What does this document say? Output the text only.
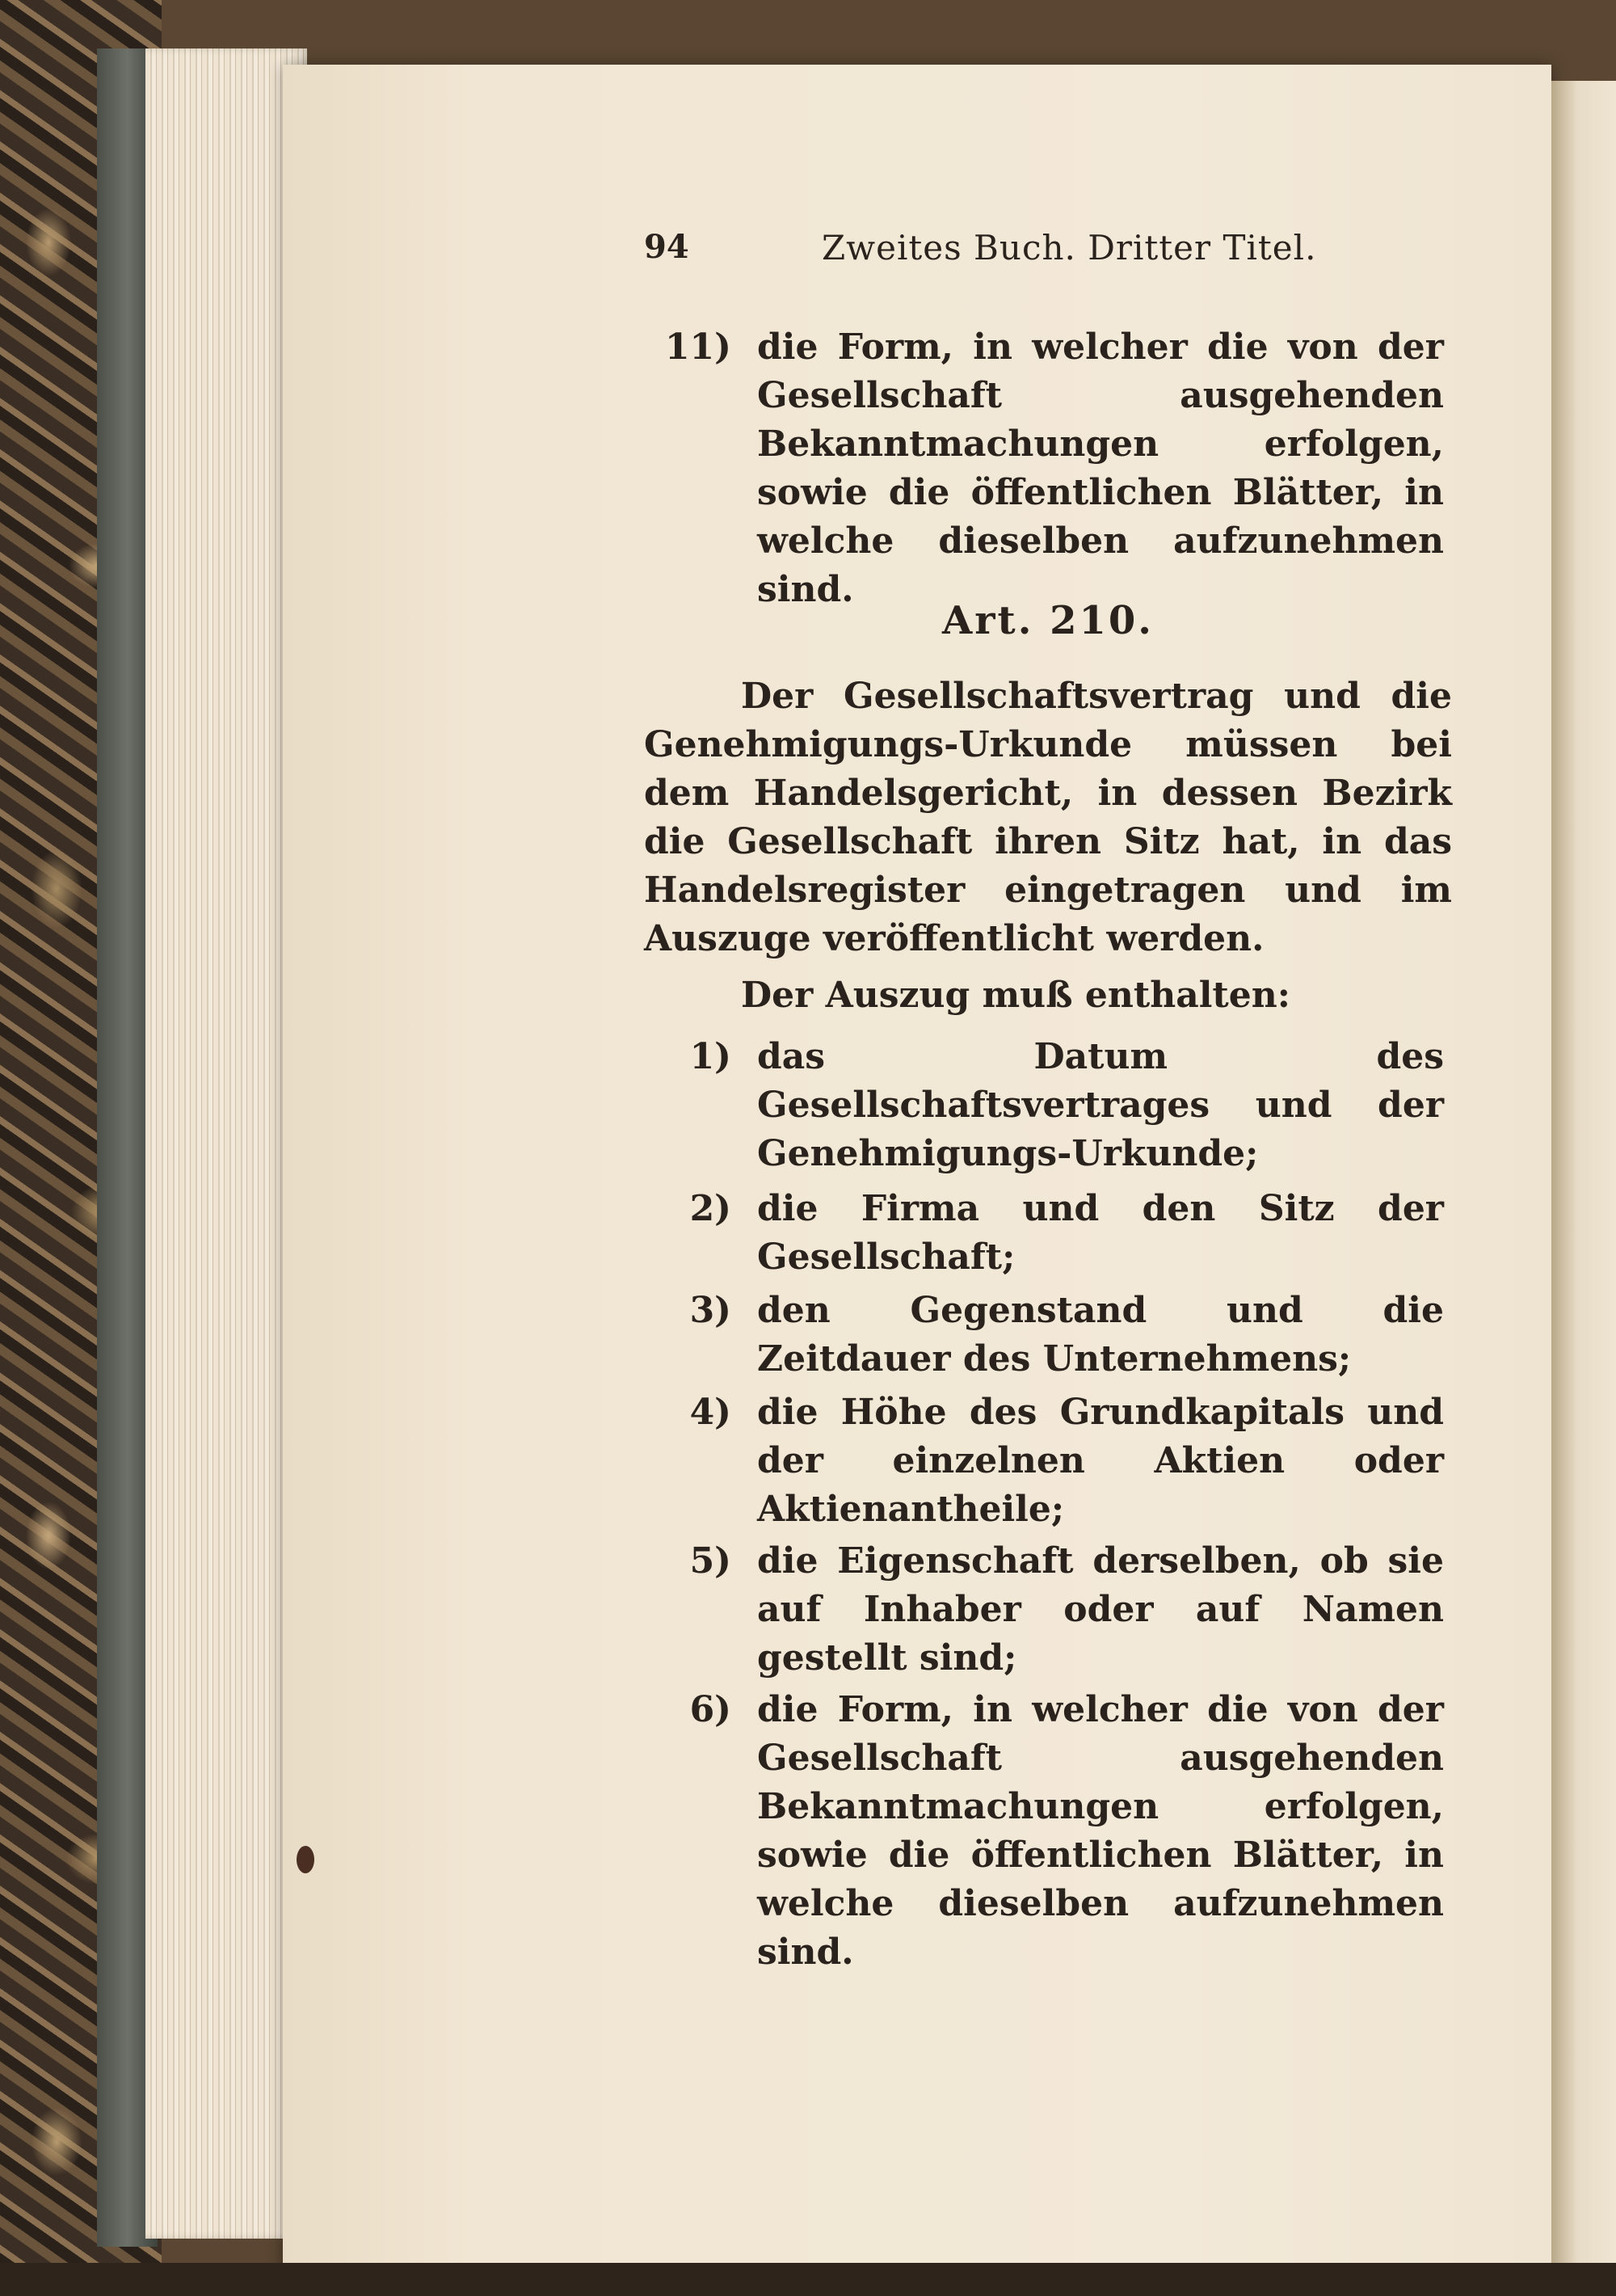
94	Zweites Buch. Dritter Titel.
11) die Form, in welcher die von der Gesellschaft ausgehenden Bekanntmachungen erfolgen, sowie die öffentlichen Blätter, in welche dieselben aufzunehmen sind.
Art. 210.
Der Gesellschaftsvertrag und die Genehmigungs-Urkunde müssen bei dem Handelsgericht, in dessen Bezirk die Gesellschaft ihren Sitz hat, in das Handelsregister eingetragen und im Auszuge veröffentlicht werden.
Der Auszug muß enthalten:
1) das Datum des Gesellschaftsvertrages und der Genehmigungs-Urkunde;
2) die Firma und den Sitz der Gesellschaft;
3) den Gegenstand und die Zeitdauer des Unternehmens;
4) die Höhe des Grundkapitals und der einzelnen Aktien oder Aktienantheile;
5) die Eigenschaft derselben, ob sie auf Inhaber oder auf Namen gestellt sind;
6) die Form, in welcher die von der Gesellschaft ausgehenden Bekanntmachungen erfolgen, sowie die öffentlichen Blätter, in welche dieselben aufzunehmen sind.
